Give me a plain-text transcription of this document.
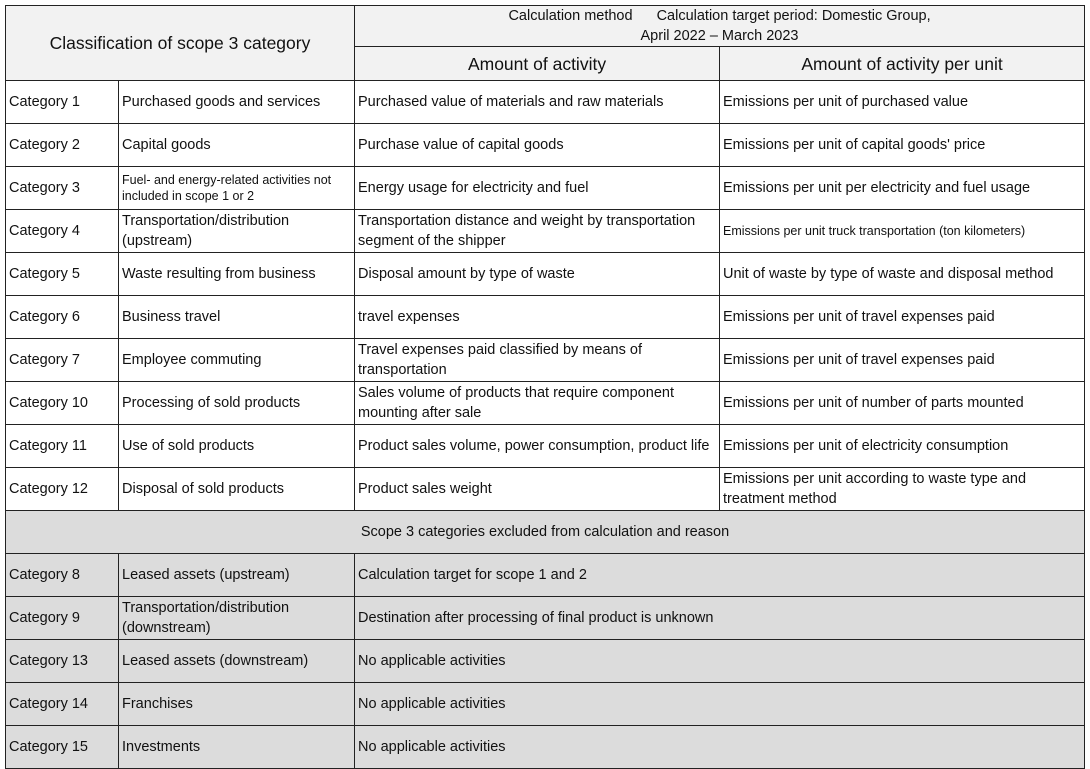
Classification of scope 3 category		Calculation method Calculation target period: Domestic Group,
April 2022 – March 2023	

		Amount of activity	Amount of activity per unit
Category 1	Purchased goods and services	Purchased value of materials and raw materials	Emissions per unit of purchased value
Category 2	Capital goods	Purchase value of capital goods	Emissions per unit of capital goods' price
Category 3	Fuel- and energy-related activities not included in scope 1 or 2	Energy usage for electricity and fuel	Emissions per unit per electricity and fuel usage
Category 4	Transportation/distribution (upstream)	Transportation distance and weight by transportation segment of the shipper	Emissions per unit truck transportation (ton kilometers)
Category 5	Waste resulting from business	Disposal amount by type of waste	Unit of waste by type of waste and disposal method
Category 6	Business travel	travel expenses	Emissions per unit of travel expenses paid
Category 7	Employee commuting	Travel expenses paid classified by means of transportation	Emissions per unit of travel expenses paid
Category 10	Processing of sold products	Sales volume of products that require component mounting after sale	Emissions per unit of number of parts mounted
Category 11	Use of sold products	Product sales volume, power consumption, product life	Emissions per unit of electricity consumption
Category 12	Disposal of sold products	Product sales weight	Emissions per unit according to waste type and treatment method
Scope 3 categories excluded from calculation and reason			
Category 8	Leased assets (upstream)	Calculation target for scope 1 and 2	
Category 9	Transportation/distribution (downstream)	Destination after processing of final product is unknown	
Category 13	Leased assets (downstream)	No applicable activities	
Category 14	Franchises	No applicable activities	
Category 15	Investments	No applicable activities	
